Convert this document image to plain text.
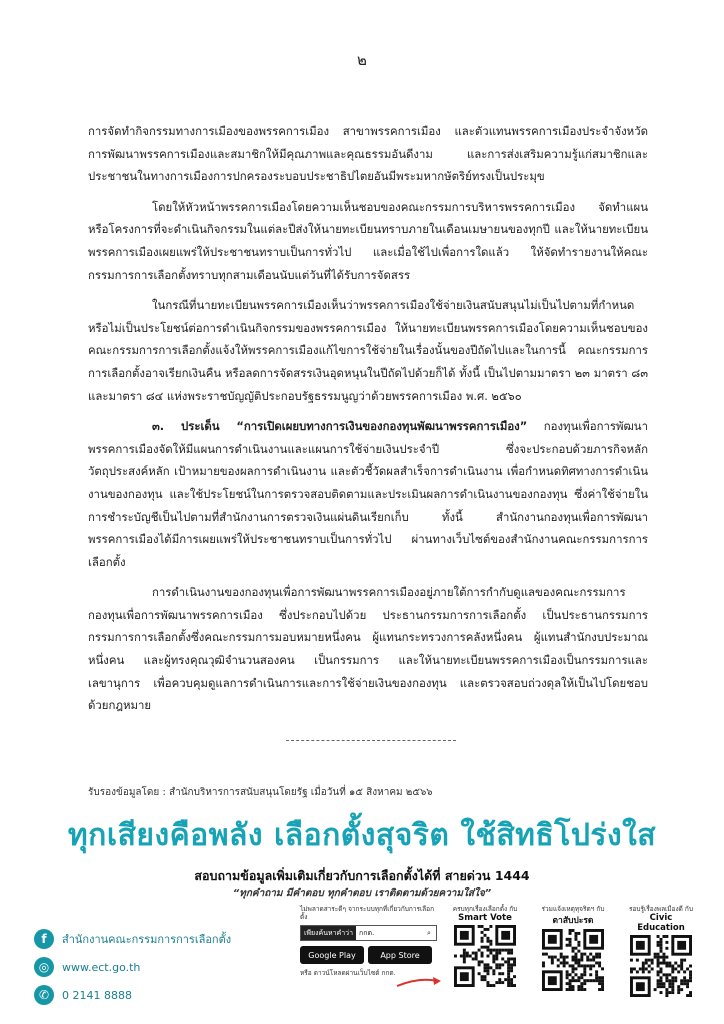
๒

การจัดทำกิจกรรมทางการเมืองของพรรคการเมือง สาขาพรรคการเมือง และตัวแทนพรรคการเมืองประจำจังหวัด การพัฒนาพรรคการเมืองและสมาชิกให้มีคุณภาพและคุณธรรมอันดีงาม และการส่งเสริมความรู้แก่สมาชิกและประชาชนในทางการเมืองการปกครองระบอบประชาธิปไตยอันมีพระมหากษัตริย์ทรงเป็นประมุข

โดยให้หัวหน้าพรรคการเมืองโดยความเห็นชอบของคณะกรรมการบริหารพรรคการเมือง จัดทำแผนหรือโครงการที่จะดำเนินกิจกรรมในแต่ละปีส่งให้นายทะเบียนทราบภายในเดือนเมษายนของทุกปี และให้นายทะเบียนพรรคการเมืองเผยแพร่ให้ประชาชนทราบเป็นการทั่วไป และเมื่อใช้ไปเพื่อการใดแล้ว ให้จัดทำรายงานให้คณะกรรมการการเลือกตั้งทราบทุกสามเดือนนับแต่วันที่ได้รับการจัดสรร

ในกรณีที่นายทะเบียนพรรคการเมืองเห็นว่าพรรคการเมืองใช้จ่ายเงินสนับสนุนไม่เป็นไปตามที่กำหนด หรือไม่เป็นประโยชน์ต่อการดำเนินกิจกรรมของพรรคการเมือง ให้นายทะเบียนพรรคการเมืองโดยความเห็นชอบของคณะกรรมการการเลือกตั้งแจ้งให้พรรคการเมืองแก้ไขการใช้จ่ายในเรื่องนั้นของปีถัดไปและในการนี้ คณะกรรมการการเลือกตั้งอาจเรียกเงินคืน หรือลดการจัดสรรเงินอุดหนุนในปีถัดไปด้วยก็ได้ ทั้งนี้ เป็นไปตามมาตรา ๒๓ มาตรา ๘๓ และมาตรา ๘๔ แห่งพระราชบัญญัติประกอบรัฐธรรมนูญว่าด้วยพรรคการเมือง พ.ศ. ๒๕๖๐

๓. ประเด็น “การเปิดเผยบทางการเงินของกองทุนพัฒนาพรรคการเมือง” กองทุนเพื่อการพัฒนาพรรคการเมืองจัดให้มีแผนการดำเนินงานและแผนการใช้จ่ายเงินประจำปี ซึ่งจะประกอบด้วยภารกิจหลัก วัตถุประสงค์หลัก เป้าหมายของผลการดำเนินงาน และตัวชี้วัดผลสำเร็จการดำเนินงาน เพื่อกำหนดทิศทางการดำเนินงานของกองทุน และใช้ประโยชน์ในการตรวจสอบติดตามและประเมินผลการดำเนินงานของกองทุน ซึ่งค่าใช้จ่ายในการชำระบัญชีเป็นไปตามที่สำนักงานการตรวจเงินแผ่นดินเรียกเก็บ ทั้งนี้ สำนักงานกองทุนเพื่อการพัฒนาพรรคการเมืองได้มีการเผยแพร่ให้ประชาชนทราบเป็นการทั่วไป ผ่านทางเว็บไซต์ของสำนักงานคณะกรรมการการเลือกตั้ง

การดำเนินงานของกองทุนเพื่อการพัฒนาพรรคการเมืองอยู่ภายใต้การกำกับดูแลของคณะกรรมการกองทุนเพื่อการพัฒนาพรรคการเมือง ซึ่งประกอบไปด้วย ประธานกรรมการการเลือกตั้ง เป็นประธานกรรมการ กรรมการการเลือกตั้งซึ่งคณะกรรมการมอบหมายหนึ่งคน ผู้แทนกระทรวงการคลังหนึ่งคน ผู้แทนสำนักงบประมาณหนึ่งคน และผู้ทรงคุณวุฒิจำนวนสองคน เป็นกรรมการ และให้นายทะเบียนพรรคการเมืองเป็นกรรมการและเลขานุการ เพื่อควบคุมดูแลการดำเนินการและการใช้จ่ายเงินของกองทุน และตรวจสอบถ่วงดุลให้เป็นไปโดยชอบด้วยกฎหมาย

รับรองข้อมูลโดย : สำนักบริหารการสนับสนุนโดยรัฐ เมื่อวันที่ ๑๕ สิงหาคม ๒๕๖๖
ทุกเสียงคือพลัง เลือกตั้งสุจริต ใช้สิทธิโปร่งใส
สอบถามข้อมูลเพิ่มเติมเกี่ยวกับการเลือกตั้งได้ที่ สายด่วน 1444
“ทุกคำถาม มีคำตอบ ทุกคำตอบ เราติดตามด้วยความใส่ใจ”
f	สำนักงานคณะกรรมการการเลือกตั้ง
◎	www.ect.go.th
✆	0 2141 8888
ไม่พลาดสาระดีๆ จากระบบทุกที่เกี่ยวกับการเลือกตั้ง
เพียงค้นหาคำว่า กกต.	⌕
Google Play	App Store
หรือ ดาวน์โหลดผ่านเว็บไซต์ กกต.
ครบทุกเรื่องเลือกตั้ง กับ
Smart Vote
ร่วมแจ้งเหตุทุจริตฯ กับ
ตาสับปะรด
รอบรู้เรื่องพลเมืองดี กับ
Civic Education
